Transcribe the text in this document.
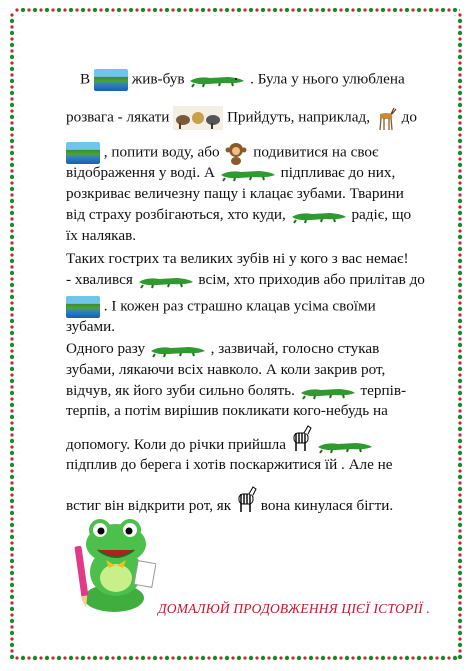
В	жив-був	. Була у нього улюблена
розвага - лякати	Прийдуть, наприклад, до
, попити воду, або подивитися на своє
відображення у воді. А	підпливає до них,
розкриває величезну пащу і клацає зубами. Тварини
від страху розбігаються, хто куди,	радіє, що
їх налякав.
Таких гострих та великих зубів ні у кого з вас немає!
- хвалився	всім, хто приходив або прилітав до
. І кожен раз страшно клацав усіма своїми
зубами.
Одного разу	, зазвичай, голосно стукав
зубами, лякаючи всіх навколо. А коли закрив рот,
відчув, як його зуби сильно болять.	терпів-
терпів, а потім вирішив покликати кого-небудь на
допомогу. Коли до річки прийшла
підплив до берега і хотів поскаржитися їй . Але не
встиг він відкрити рот, як вона кинулася бігти.
ДОМАЛЮЙ ПРОДОВЖЕННЯ ЦІЄЇ ІСТОРІЇ .
